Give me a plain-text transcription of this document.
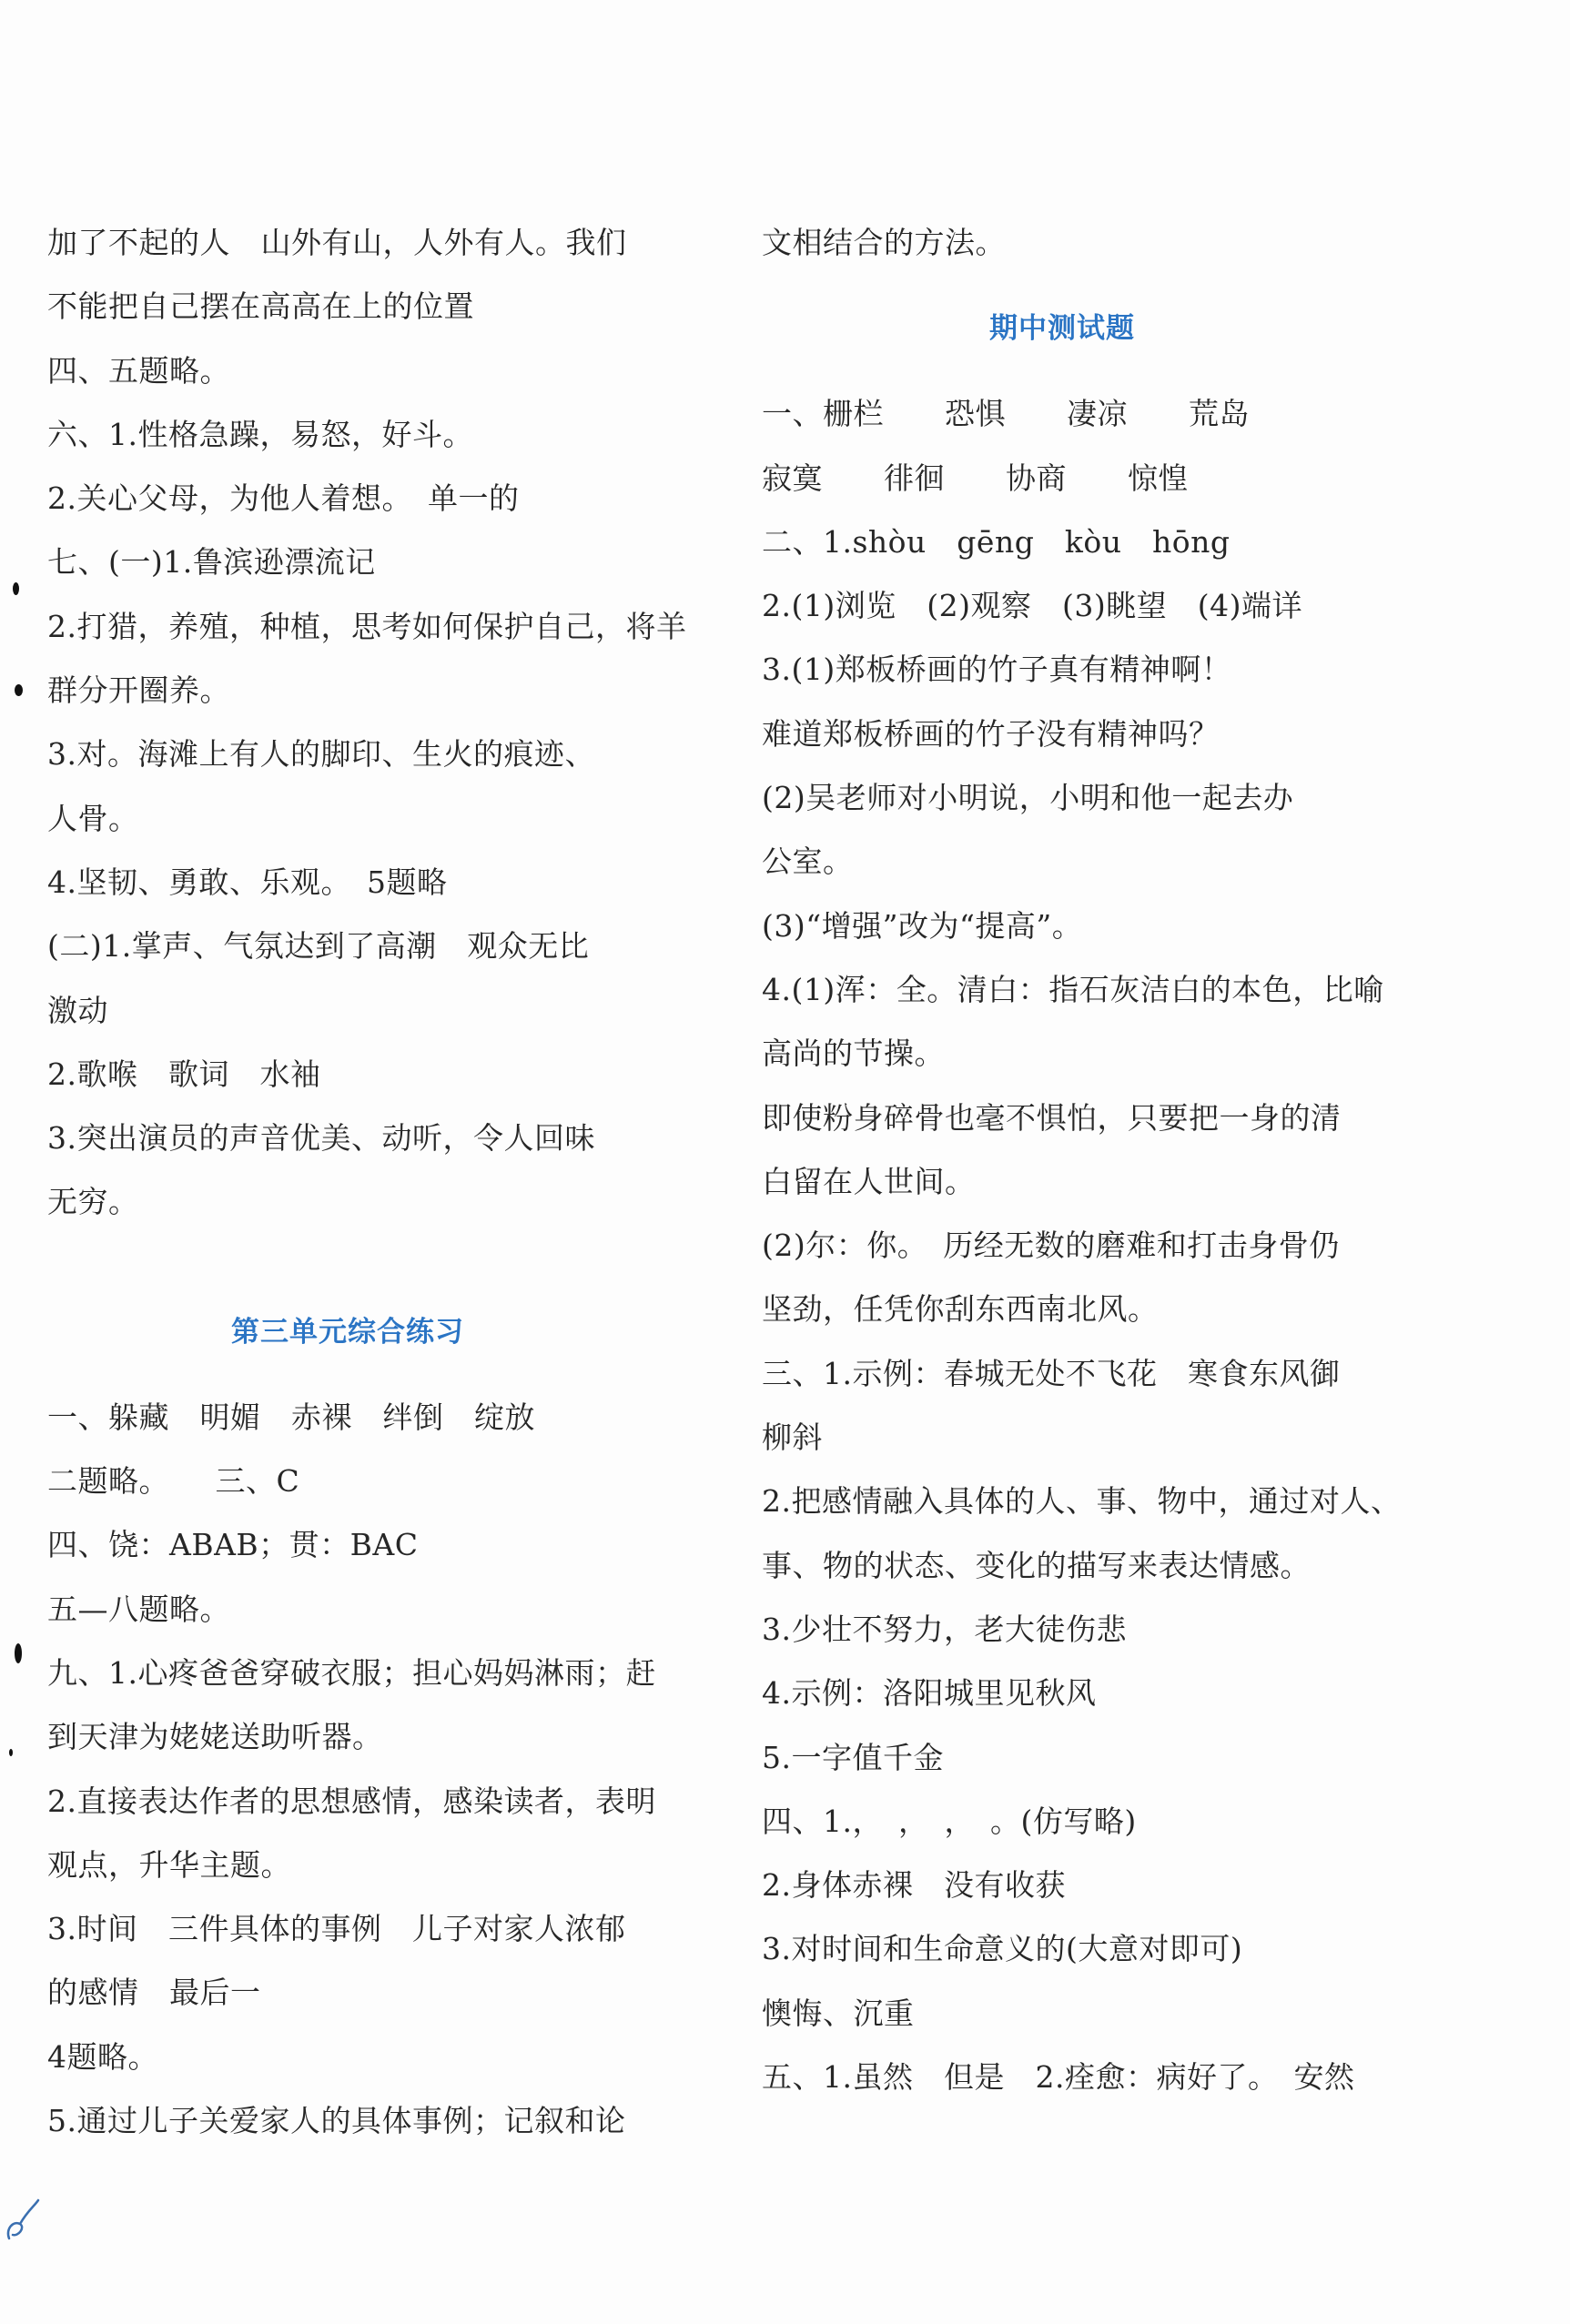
加了不起的人　山外有山，人外有人。我们
不能把自己摆在高高在上的位置
四、五题略。
六、1.性格急躁，易怒，好斗。
2.关心父母，为他人着想。　单一的
七、(一)1.鲁滨逊漂流记
2.打猎，养殖，种植，思考如何保护自己，将羊
群分开圈养。
3.对。海滩上有人的脚印、生火的痕迹、
人骨。
4.坚韧、勇敢、乐观。　5题略
(二)1.掌声、气氛达到了高潮　观众无比
激动
2.歌喉　歌词　水袖
3.突出演员的声音优美、动听，令人回味
无穷。
第三单元综合练习
一、躲藏　明媚　赤裸　绊倒　绽放
二题略。　　三、C
四、饶：ABAB；贯：BAC
五—八题略。
九、1.心疼爸爸穿破衣服；担心妈妈淋雨；赶
到天津为姥姥送助听器。
2.直接表达作者的思想感情，感染读者，表明
观点，升华主题。
3.时间　三件具体的事例　儿子对家人浓郁
的感情　最后一
4题略。
5.通过儿子关爱家人的具体事例；记叙和论
文相结合的方法。
期中测试题
一、栅栏　　恐惧　　凄凉　　荒岛
寂寞　　徘徊　　协商　　惊惶
二、1.shòu　gēng　kòu　hōng
2.(1)浏览　(2)观察　(3)眺望　(4)端详
3.(1)郑板桥画的竹子真有精神啊！
难道郑板桥画的竹子没有精神吗？
(2)吴老师对小明说，小明和他一起去办
公室。
(3)“增强”改为“提高”。
4.(1)浑：全。清白：指石灰洁白的本色，比喻
高尚的节操。
即使粉身碎骨也毫不惧怕，只要把一身的清
白留在人世间。
(2)尔：你。　历经无数的磨难和打击身骨仍
坚劲，任凭你刮东西南北风。
三、1.示例：春城无处不飞花　寒食东风御
柳斜
2.把感情融入具体的人、事、物中，通过对人、
事、物的状态、变化的描写来表达情感。
3.少壮不努力，老大徒伤悲
4.示例：洛阳城里见秋风
5.一字值千金
四、1.，　，　，　。(仿写略)
2.身体赤裸　没有收获
3.对时间和生命意义的(大意对即可)
懊悔、沉重
五、1.虽然　但是　2.痊愈：病好了。　安然
